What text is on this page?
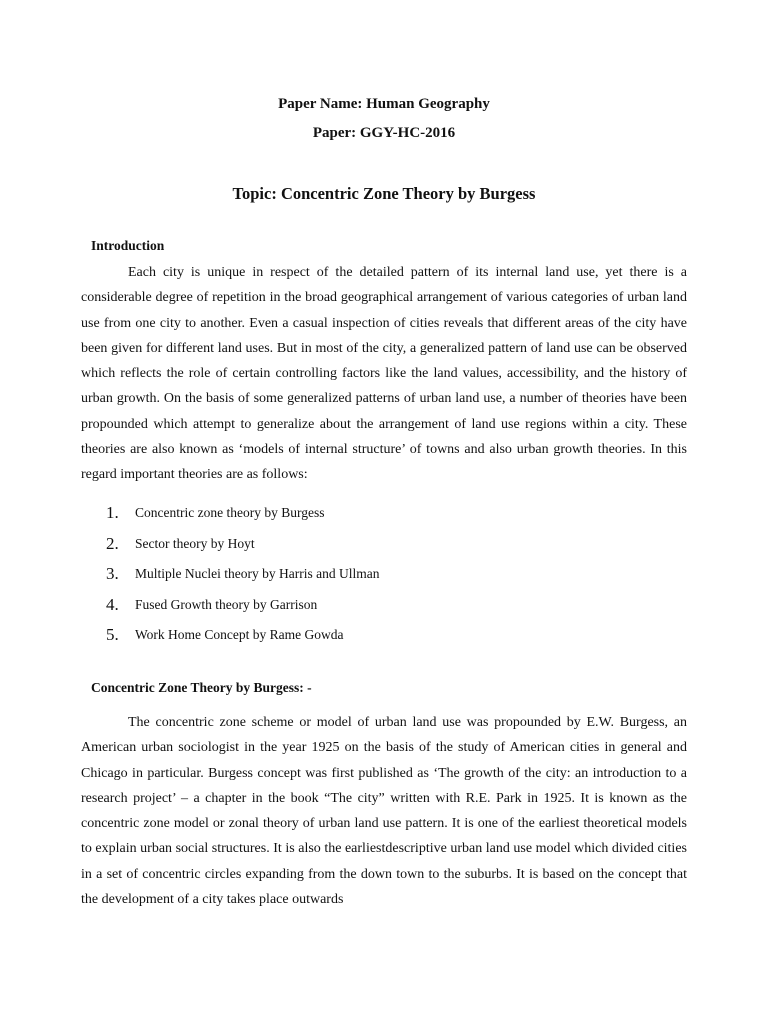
Paper Name: Human Geography
Paper: GGY-HC-2016
Topic: Concentric Zone Theory by Burgess
Introduction

Each city is unique in respect of the detailed pattern of its internal land use, yet there is a considerable degree of repetition in the broad geographical arrangement of various categories of urban land use from one city to another. Even a casual inspection of cities reveals that different areas of the city have been given for different land uses. But in most of the city, a generalized pattern of land use can be observed which reflects the role of certain controlling factors like the land values, accessibility, and the history of urban growth. On the basis of some generalized patterns of urban land use, a number of theories have been propounded which attempt to generalize about the arrangement of land use regions within a city. These theories are also known as ‘models of internal structure’ of towns and also urban growth theories. In this regard important theories are as follows:

1.	Concentric zone theory by Burgess
2.	Sector theory by Hoyt
3.	Multiple Nuclei theory by Harris and Ullman
4.	Fused Growth theory by Garrison
5.	Work Home Concept by Rame Gowda
Concentric Zone Theory by Burgess: -

The concentric zone scheme or model of urban land use was propounded by E.W. Burgess, an American urban sociologist in the year 1925 on the basis of the study of American cities in general and Chicago in particular. Burgess concept was first published as ‘The growth of the city: an introduction to a research project’ – a chapter in the book “The city” written with R.E. Park in 1925. It is known as the concentric zone model or zonal theory of urban land use pattern. It is one of the earliest theoretical models to explain urban social structures. It is also the earliestdescriptive urban land use model which divided cities in a set of concentric circles expanding from the down town to the suburbs. It is based on the concept that the development of a city takes place outwards
